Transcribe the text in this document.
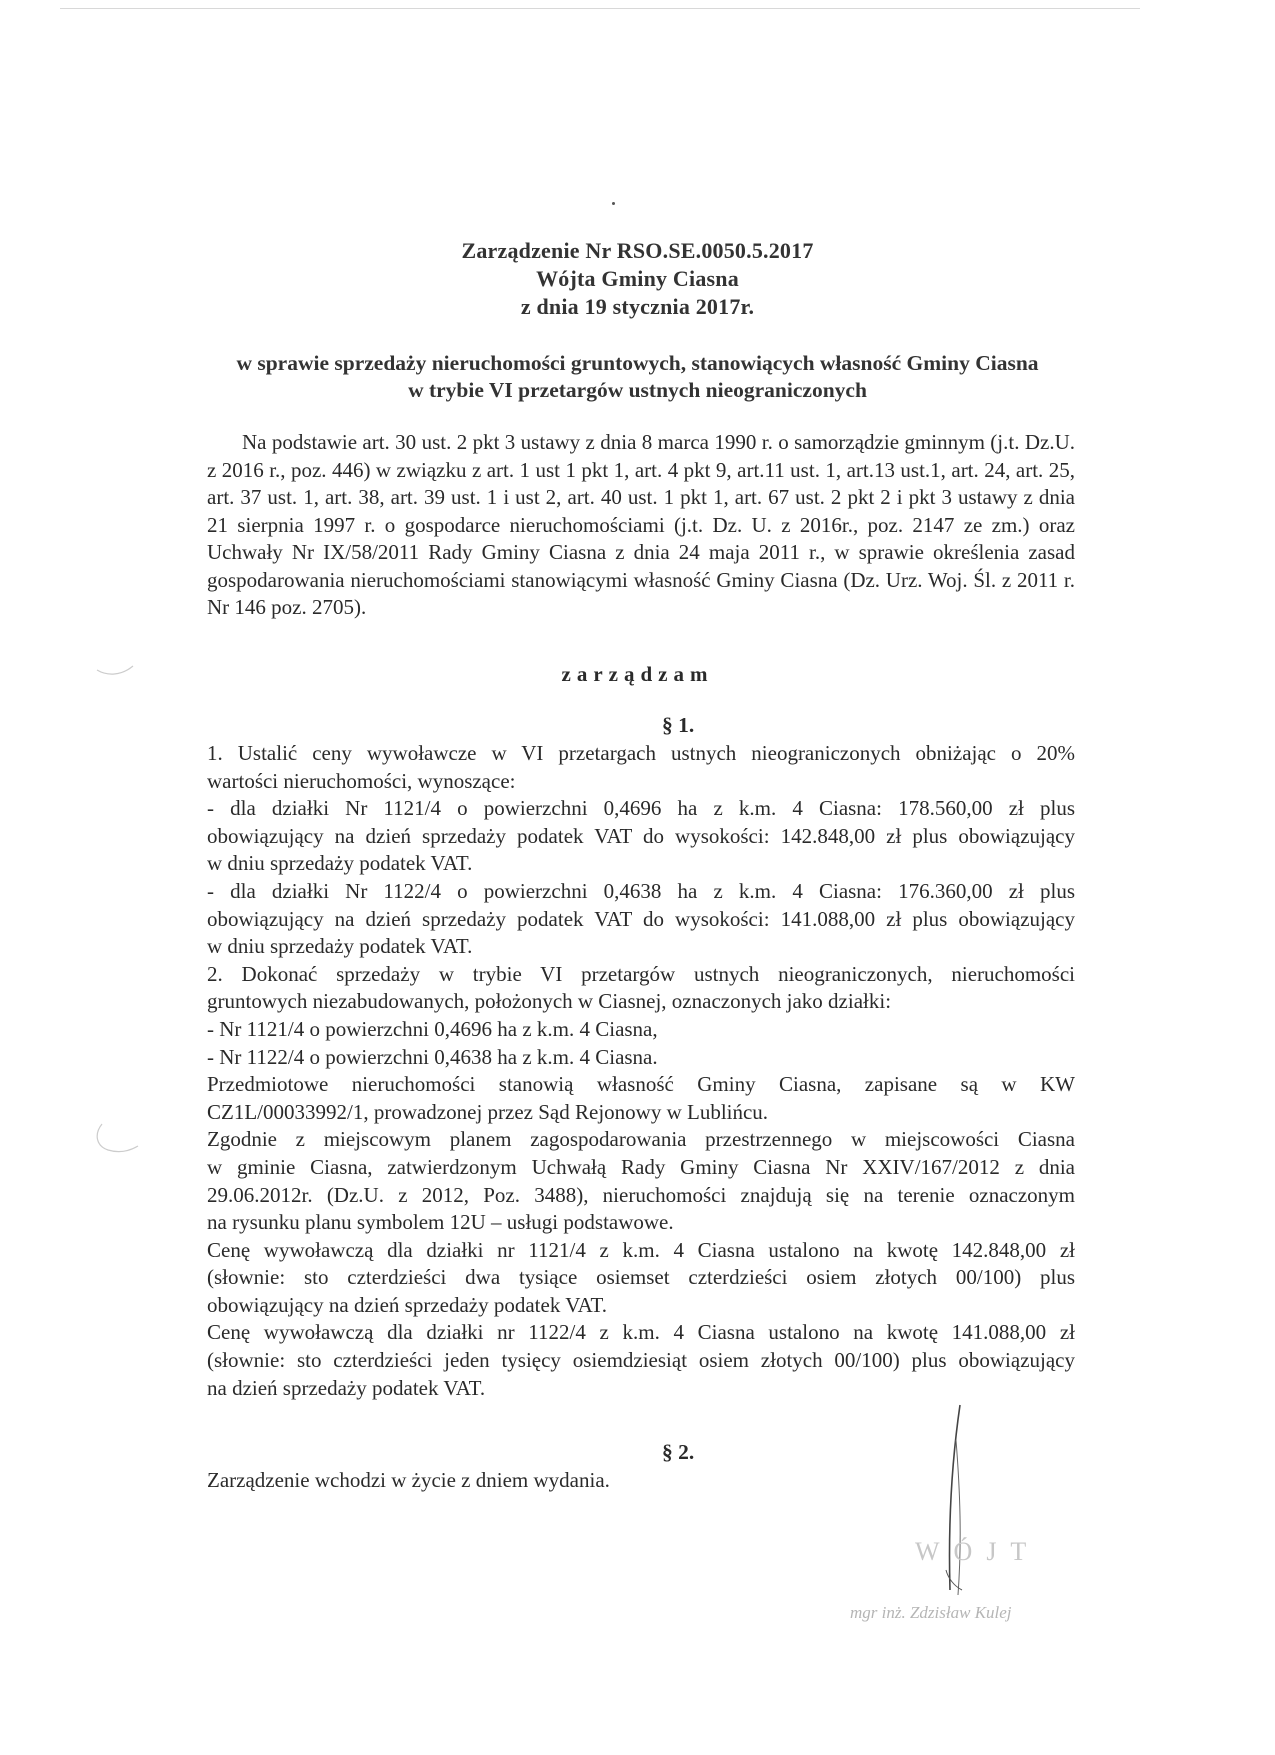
Zarządzenie Nr RSO.SE.0050.5.2017
Wójta Gminy Ciasna
z dnia 19 stycznia 2017r.
w sprawie sprzedaży nieruchomości gruntowych, stanowiących własność Gminy Ciasna
w trybie VI przetargów ustnych nieograniczonych
Na podstawie art. 30 ust. 2 pkt 3 ustawy z dnia 8 marca 1990 r. o samorządzie gminnym (j.t. Dz.U. z 2016 r., poz. 446) w związku z art. 1 ust 1 pkt 1, art. 4 pkt 9, art.11 ust. 1, art.13 ust.1, art. 24, art. 25, art. 37 ust. 1, art. 38, art. 39 ust. 1 i ust 2, art. 40 ust. 1 pkt 1, art. 67 ust. 2 pkt 2 i pkt 3 ustawy z dnia 21 sierpnia 1997 r. o gospodarce nieruchomościami (j.t. Dz. U. z 2016r., poz. 2147 ze zm.) oraz Uchwały Nr IX/58/2011 Rady Gminy Ciasna z dnia 24 maja 2011 r., w sprawie określenia zasad gospodarowania nieruchomościami stanowiącymi własność Gminy Ciasna (Dz. Urz. Woj. Śl. z 2011 r. Nr 146 poz. 2705).
zarządzam
§ 1.
1. Ustalić ceny wywoławcze w VI przetargach ustnych nieograniczonych obniżając o 20%
wartości nieruchomości, wynoszące:
- dla działki Nr 1121/4 o powierzchni 0,4696 ha z k.m. 4 Ciasna: 178.560,00 zł plus
obowiązujący na dzień sprzedaży podatek VAT do wysokości: 142.848,00 zł plus obowiązujący
w dniu sprzedaży podatek VAT.
- dla działki Nr 1122/4 o powierzchni 0,4638 ha z k.m. 4 Ciasna: 176.360,00 zł plus
obowiązujący na dzień sprzedaży podatek VAT do wysokości: 141.088,00 zł plus obowiązujący
w dniu sprzedaży podatek VAT.
2. Dokonać sprzedaży w trybie VI przetargów ustnych nieograniczonych, nieruchomości
gruntowych niezabudowanych, położonych w Ciasnej, oznaczonych jako działki:
- Nr 1121/4 o powierzchni 0,4696 ha z k.m. 4 Ciasna,
- Nr 1122/4 o powierzchni 0,4638 ha z k.m. 4 Ciasna.
Przedmiotowe nieruchomości stanowią własność Gminy Ciasna, zapisane są w KW
CZ1L/00033992/1, prowadzonej przez Sąd Rejonowy w Lublińcu.
Zgodnie z miejscowym planem zagospodarowania przestrzennego w miejscowości Ciasna
w gminie Ciasna, zatwierdzonym Uchwałą Rady Gminy Ciasna Nr XXIV/167/2012 z dnia
29.06.2012r. (Dz.U. z 2012, Poz. 3488), nieruchomości znajdują się na terenie oznaczonym
na rysunku planu symbolem 12U – usługi podstawowe.
Cenę wywoławczą dla działki nr 1121/4 z k.m. 4 Ciasna ustalono na kwotę 142.848,00 zł
(słownie: sto czterdzieści dwa tysiące osiemset czterdzieści osiem złotych 00/100) plus
obowiązujący na dzień sprzedaży podatek VAT.
Cenę wywoławczą dla działki nr 1122/4 z k.m. 4 Ciasna ustalono na kwotę 141.088,00 zł
(słownie: sto czterdzieści jeden tysięcy osiemdziesiąt osiem złotych 00/100) plus obowiązujący
na dzień sprzedaży podatek VAT.
§ 2.
Zarządzenie wchodzi w życie z dniem wydania.
WÓJT
mgr inż. Zdzisław Kulej
